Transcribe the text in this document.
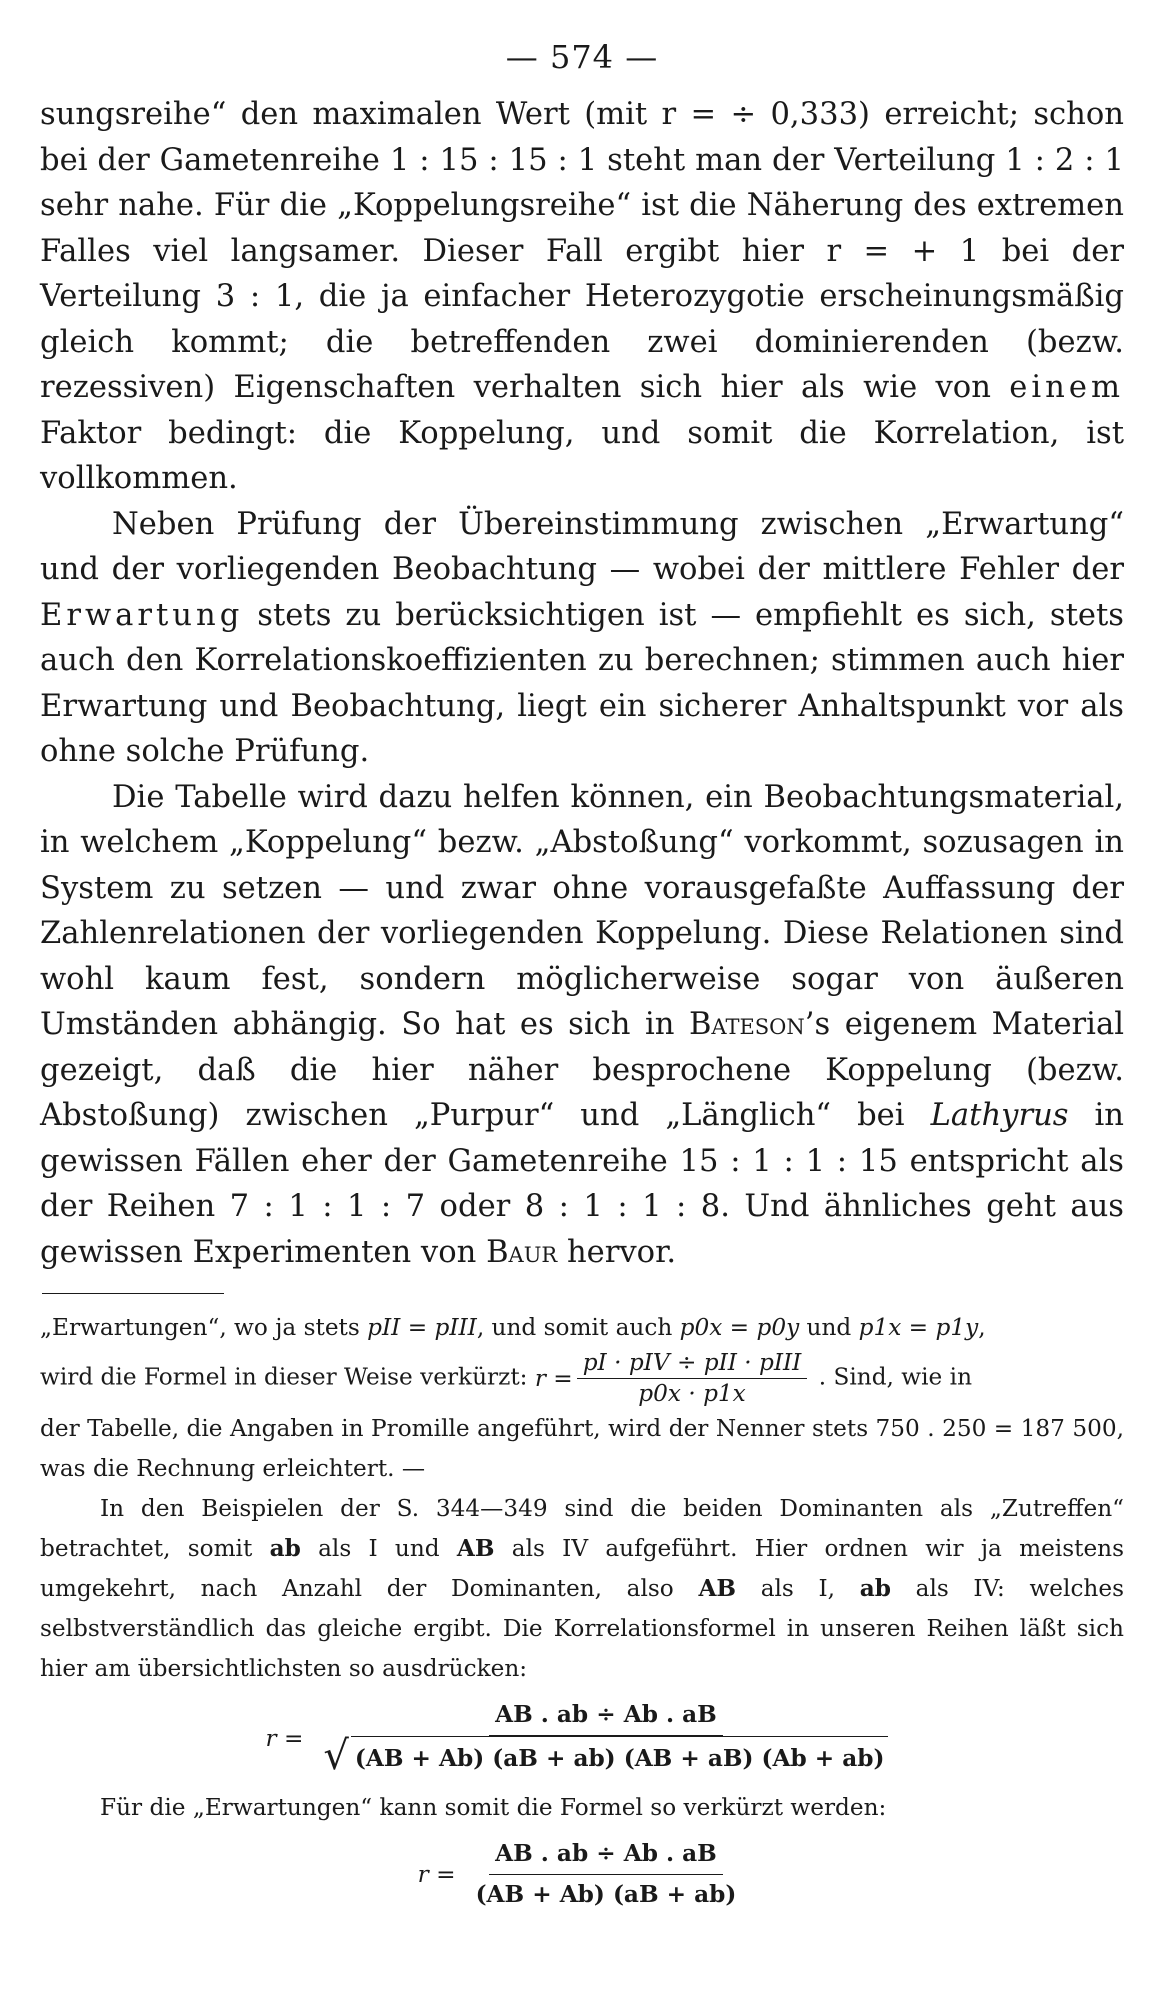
— 574 —

sungsreihe“ den maximalen Wert (mit r = ÷ 0,333) erreicht; schon bei der Gametenreihe 1 : 15 : 15 : 1 steht man der Verteilung 1 : 2 : 1 sehr nahe. Für die „Koppelungsreihe“ ist die Näherung des extremen Falles viel langsamer. Dieser Fall ergibt hier r = + 1 bei der Verteilung 3 : 1, die ja einfacher Heterozygotie erscheinungsmäßig gleich kommt; die betreffenden zwei dominierenden (bezw. rezessiven) Eigenschaften verhalten sich hier als wie von einem Faktor bedingt: die Koppelung, und somit die Korrelation, ist vollkommen.

Neben Prüfung der Übereinstimmung zwischen „Erwartung“ und der vorliegenden Beobachtung — wobei der mittlere Fehler der Erwartung stets zu berücksichtigen ist — empfiehlt es sich, stets auch den Korrelationskoeffizienten zu berechnen; stimmen auch hier Erwartung und Beobachtung, liegt ein sicherer Anhaltspunkt vor als ohne solche Prüfung.

Die Tabelle wird dazu helfen können, ein Beobachtungsmaterial, in welchem „Koppelung“ bezw. „Abstoßung“ vorkommt, sozusagen in System zu setzen — und zwar ohne vorausgefaßte Auffassung der Zahlenrelationen der vorliegenden Koppelung. Diese Relationen sind wohl kaum fest, sondern möglicherweise sogar von äußeren Umständen abhängig. So hat es sich in Bateson’s eigenem Material gezeigt, daß die hier näher besprochene Koppelung (bezw. Abstoßung) zwischen „Purpur“ und „Länglich“ bei Lathyrus in gewissen Fällen eher der Gametenreihe 15 : 1 : 1 : 15 entspricht als der Reihen 7 : 1 : 1 : 7 oder 8 : 1 : 1 : 8. Und ähnliches geht aus gewissen Experimenten von Baur hervor.

„Erwartungen“, wo ja stets pII = pIII, und somit auch p0x = p0y und p1x = p1y,

wird die Formel in dieser Weise verkürzt: $r = \frac{\text{pI · pIV ÷ pII · pIII}}{p0x \cdot p1x}$ . Sind, wie in

der Tabelle, die Angaben in Promille angeführt, wird der Nenner stets 750 . 250 = 187 500, was die Rechnung erleichtert. —

In den Beispielen der S. 344—349 sind die beiden Dominanten als „Zutreffen“ betrachtet, somit ab als I und AB als IV aufgeführt. Hier ordnen wir ja meistens umgekehrt, nach Anzahl der Dominanten, also AB als I, ab als IV: welches selbstverständlich das gleiche ergibt. Die Korrelationsformel in unseren Reihen läßt sich hier am übersichtlichsten so ausdrücken:

$r = \frac{AB . ab \div Ab . aB}{√ (AB + Ab) (aB + ab) (AB + aB) (Ab + ab)}$

Für die „Erwartungen“ kann somit die Formel so verkürzt werden:

$r = \frac{AB . ab \div Ab . aB}{(AB + Ab) (aB + ab)}$
